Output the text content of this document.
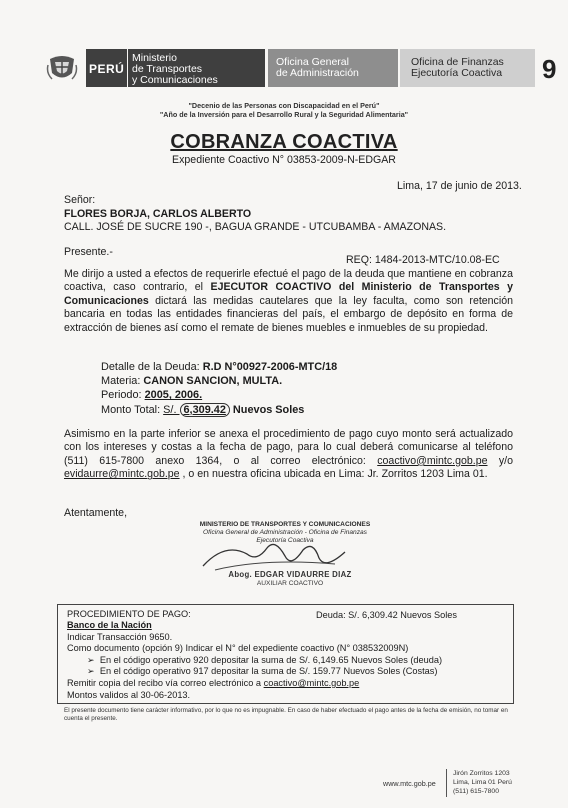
PERÚ
Ministerio
de Transportes
y Comunicaciones
Oficina General
de Administración
Oficina de Finanzas
Ejecutoría Coactiva 9
"Decenio de las Personas con Discapacidad en el Perú"
"Año de la Inversión para el Desarrollo Rural y la Seguridad Alimentaria"
COBRANZA COACTIVA
Expediente Coactivo N° 03853-2009-N-EDGAR
Lima, 17 de junio de 2013.
Señor:
FLORES BORJA, CARLOS ALBERTO
CALL. JOSÉ DE SUCRE 190 -, BAGUA GRANDE - UTCUBAMBA - AMAZONAS.
Presente.-
REQ: 1484-2013-MTC/10.08-EC

Me dirijo a usted a efectos de requerirle efectué el pago de la deuda que mantiene en cobranza coactiva, caso contrario, el EJECUTOR COACTIVO del Ministerio de Transportes y Comunicaciones dictará las medidas cautelares que la ley faculta, como son retención bancaria en todas las entidades financieras del país, el embargo de depósito en forma de extracción de bienes así como el remate de bienes muebles e inmuebles de su propiedad.

Detalle de la Deuda: R.D N°00927-2006-MTC/18
Materia: CANON SANCION, MULTA.
Periodo: 2005, 2006.
Monto Total: S/. 6,309.42 Nuevos Soles

Asimismo en la parte inferior se anexa el procedimiento de pago cuyo monto será actualizado con los intereses y costas a la fecha de pago, para lo cual deberá comunicarse al teléfono (511) 615-7800 anexo 1364, o al correo electrónico: coactivo@mintc.gob.pe y/o evidaurre@mintc.gob.pe , o en nuestra oficina ubicada en Lima: Jr. Zorritos 1203 Lima 01.

Atentamente,
MINISTERIO DE TRANSPORTES Y COMUNICACIONES
Oficina General de Administración - Oficina de Finanzas
Ejecutoría Coactiva
Abog. EDGAR VIDAURRE DIAZ
AUXILIAR COACTIVO
PROCEDIMIENTO DE PAGO:	Deuda: S/. 6,309.42 Nuevos Soles
Banco de la Nación
Indicar Transacción 9650.
Como documento (opción 9) Indicar el N° del expediente coactivo (N° 038532009N)
➢  En el código operativo 920 depositar la suma de S/. 6,149.65 Nuevos Soles (deuda)
➢  En el código operativo 917 depositar la suma de S/. 159.77 Nuevos Soles (Costas)
Remitir copia del recibo vía correo electrónico a coactivo@mintc.gob.pe
Montos validos al 30-06-2013.
El presente documento tiene carácter informativo, por lo que no es impugnable. En caso de haber efectuado el pago antes de la fecha de emisión, no tomar en cuenta el presente.
www.mtc.gob.pe
Jirón Zorritos 1203
Lima, Lima 01 Perú
(511) 615-7800
